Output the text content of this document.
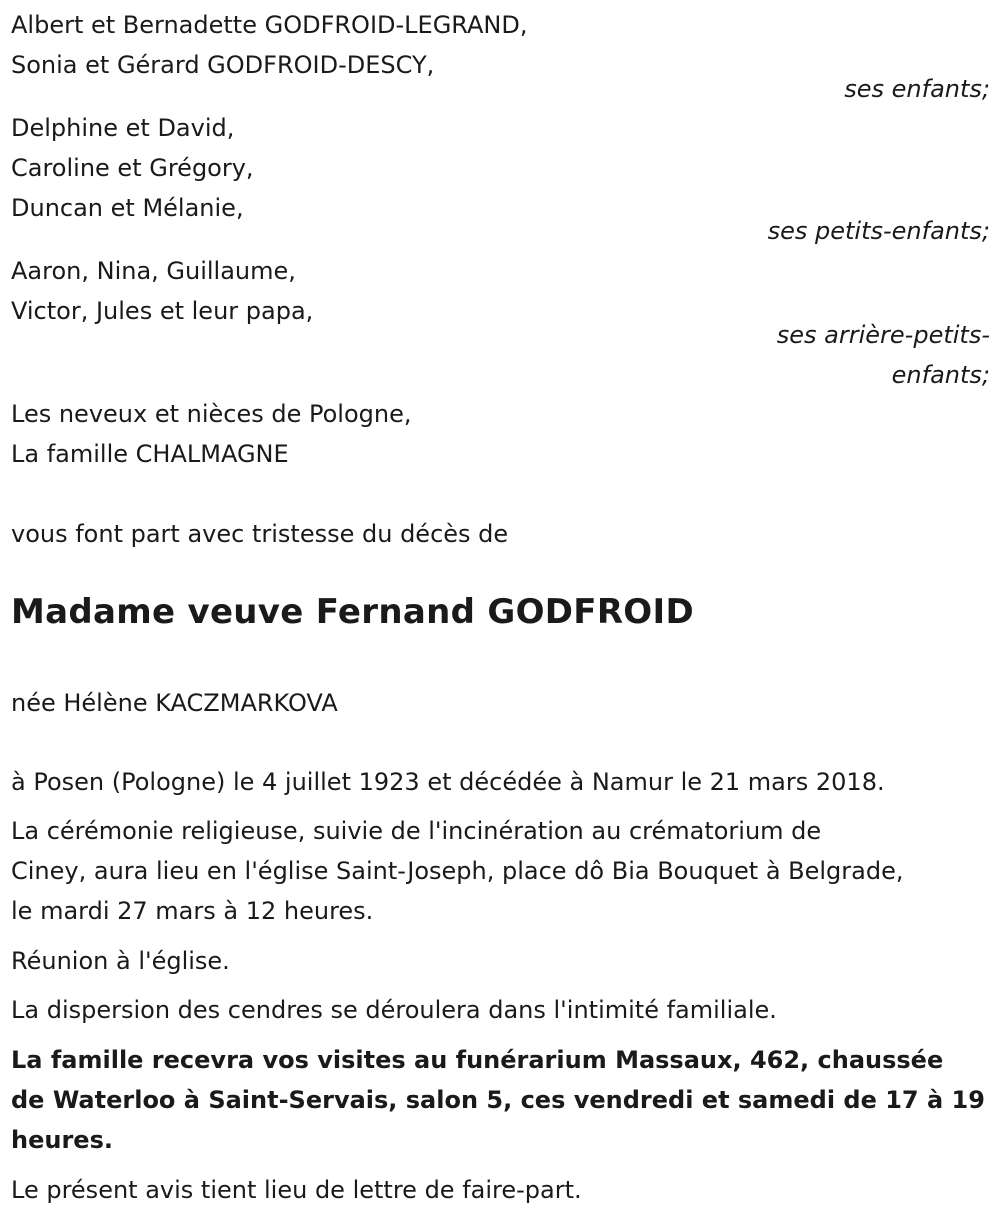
Albert et Bernadette GODFROID-LEGRAND,
Sonia et Gérard GODFROID-DESCY,
ses enfants;
Delphine et David,
Caroline et Grégory,
Duncan et Mélanie,
ses petits-enfants;
Aaron, Nina, Guillaume,
Victor, Jules et leur papa,
ses arrière-petits-
enfants;
Les neveux et nièces de Pologne,
La famille CHALMAGNE
vous font part avec tristesse du décès de
Madame veuve Fernand GODFROID
née Hélène KACZMARKOVA
à Posen (Pologne) le 4 juillet 1923 et décédée à Namur le 21 mars 2018.
La cérémonie religieuse, suivie de l'incinération au crématorium de
Ciney, aura lieu en l'église Saint-Joseph, place dô Bia Bouquet à Belgrade,
le mardi 27 mars à 12 heures.
Réunion à l'église.
La dispersion des cendres se déroulera dans l'intimité familiale.
La famille recevra vos visites au funérarium Massaux, 462, chaussée
de Waterloo à Saint-Servais, salon 5, ces vendredi et samedi de 17 à 19
heures.
Le présent avis tient lieu de lettre de faire-part.
